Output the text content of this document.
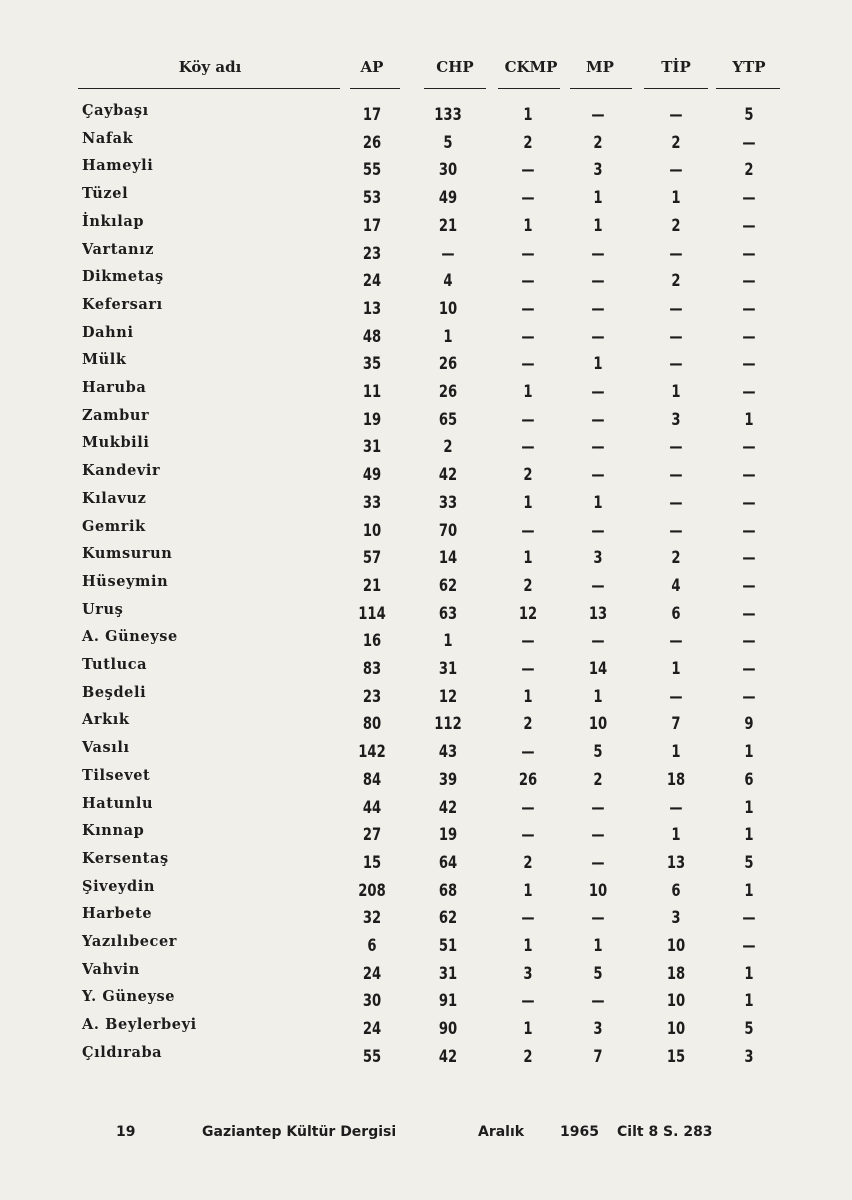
Köy adı	AP	CHP	CKMP	MP	TİP	YTP
Çaybaşı	17	133	1	—	—	5
Nafak	26	5	2	2	2	—
Hameyli	55	30	—	3	—	2
Tüzel	53	49	—	1	1	—
İnkılap	17	21	1	1	2	—
Vartanız	23	—	—	—	—	—
Dikmetaş	24	4	—	—	2	—
Kefersarı	13	10	—	—	—	—
Dahni	48	1	—	—	—	—
Mülk	35	26	—	1	—	—
Haruba	11	26	1	—	1	—
Zambur	19	65	—	—	3	1
Mukbili	31	2	—	—	—	—
Kandevir	49	42	2	—	—	—
Kılavuz	33	33	1	1	—	—
Gemrik	10	70	—	—	—	—
Kumsurun	57	14	1	3	2	—
Hüseymin	21	62	2	—	4	—
Uruş	114	63	12	13	6	—
A. Güneyse	16	1	—	—	—	—
Tutluca	83	31	—	14	1	—
Beşdeli	23	12	1	1	—	—
Arkık	80	112	2	10	7	9
Vasılı	142	43	—	5	1	1
Tilsevet	84	39	26	2	18	6
Hatunlu	44	42	—	—	—	1
Kınnap	27	19	—	—	1	1
Kersentaş	15	64	2	—	13	5
Şiveydin	208	68	1	10	6	1
Harbete	32	62	—	—	3	—
Yazılıbecer	6	51	1	1	10	—
Vahvin	24	31	3	5	18	1
Y. Güneyse	30	91	—	—	10	1
A. Beylerbeyi	24	90	1	3	10	5
Çıldıraba	55	42	2	7	15	3
19	Gaziantep Kültür Dergisi	Aralık	1965 Cilt 8 S. 283
